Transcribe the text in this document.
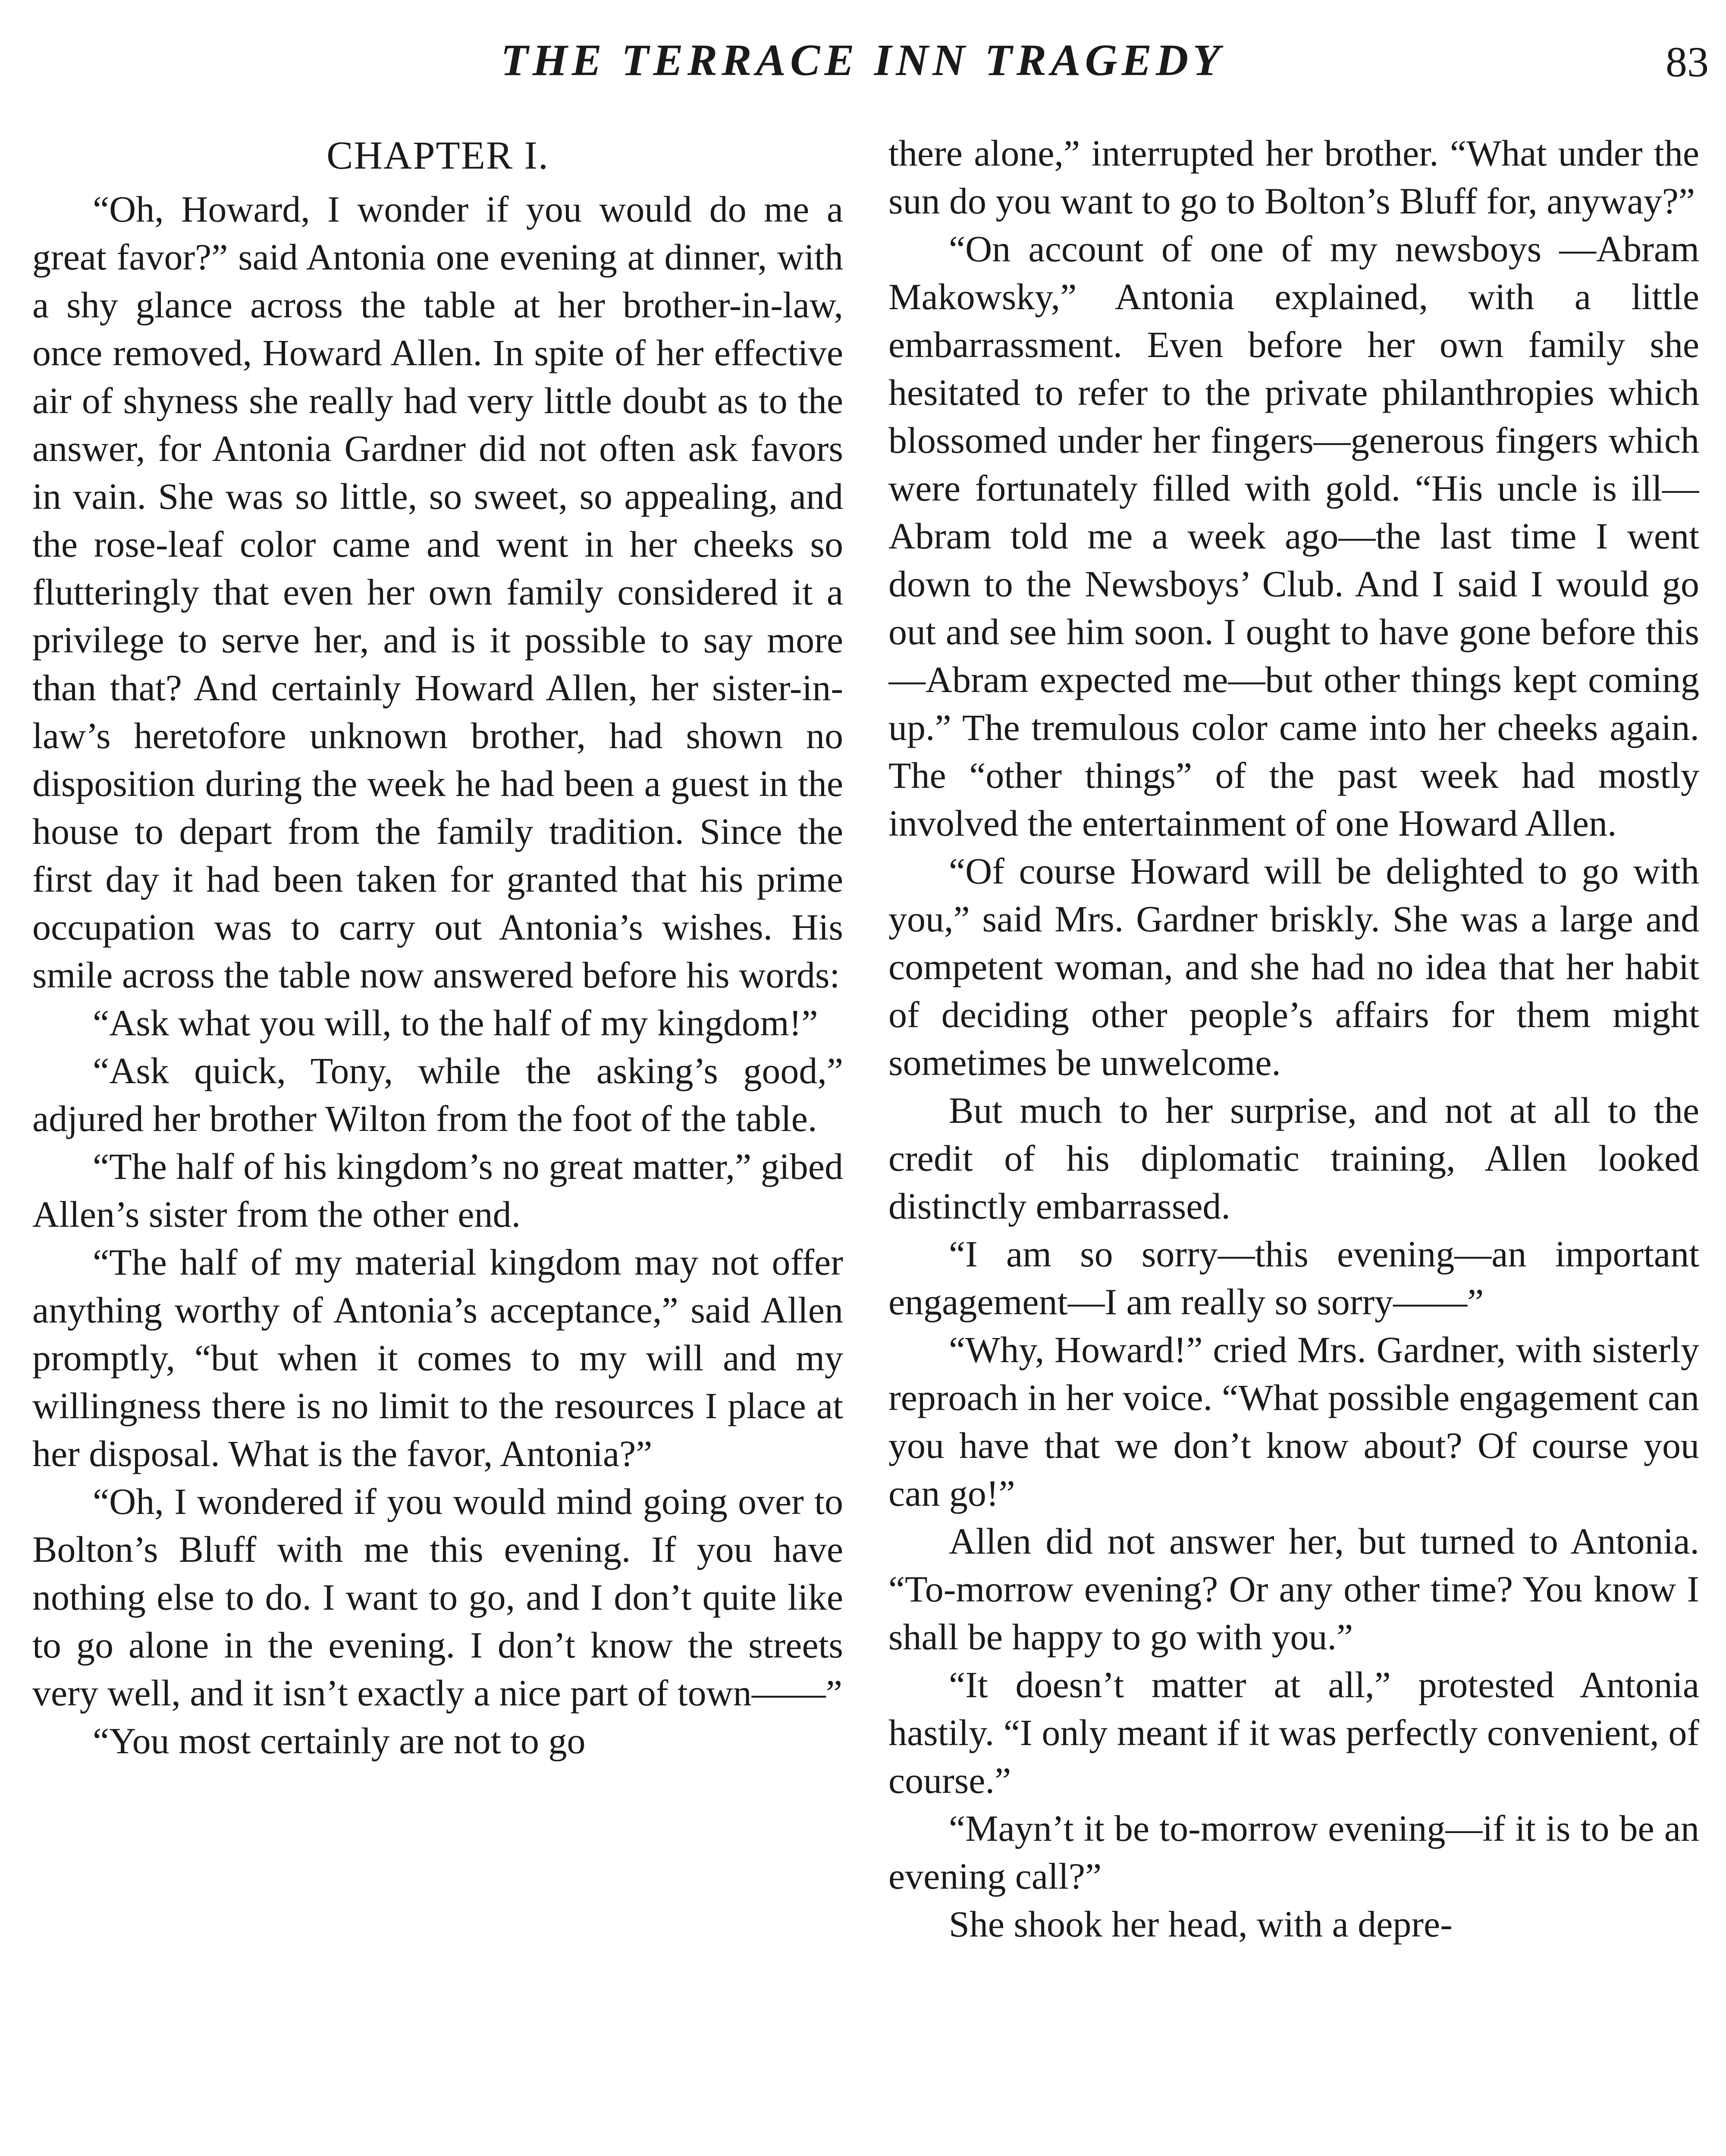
THE TERRACE INN TRAGEDY	83
CHAPTER I.

“Oh, Howard, I wonder if you would do me a great favor?” said Antonia one evening at dinner, with a shy glance across the table at her brother-in-law, once removed, Howard Allen. In spite of her effective air of shyness she really had very little doubt as to the answer, for Antonia Gardner did not often ask favors in vain. She was so little, so sweet, so appealing, and the rose-leaf color came and went in her cheeks so flutteringly that even her own family considered it a privilege to serve her, and is it possible to say more than that? And certainly Howard Allen, her sister-in-law’s heretofore unknown brother, had shown no disposition during the week he had been a guest in the house to depart from the family tradition. Since the first day it had been taken for granted that his prime occupation was to carry out Antonia’s wishes. His smile across the table now answered before his words:

“Ask what you will, to the half of my kingdom!”

“Ask quick, Tony, while the asking’s good,” adjured her brother Wilton from the foot of the table.

“The half of his kingdom’s no great matter,” gibed Allen’s sister from the other end.

“The half of my material kingdom may not offer anything worthy of Antonia’s acceptance,” said Allen promptly, “but when it comes to my will and my willingness there is no limit to the resources I place at her disposal. What is the favor, Antonia?”

“Oh, I wondered if you would mind going over to Bolton’s Bluff with me this evening. If you have nothing else to do. I want to go, and I don’t quite like to go alone in the evening. I don’t know the streets very well, and it isn’t exactly a nice part of town——”

“You most certainly are not to go

there alone,” interrupted her brother. “What under the sun do you want to go to Bolton’s Bluff for, anyway?”

“On account of one of my newsboys —Abram Makowsky,” Antonia explained, with a little embarrassment. Even before her own family she hesitated to refer to the private philanthropies which blossomed under her fingers—generous fingers which were fortunately filled with gold. “His uncle is ill—Abram told me a week ago—the last time I went down to the Newsboys’ Club. And I said I would go out and see him soon. I ought to have gone before this—Abram expected me—but other things kept coming up.” The tremulous color came into her cheeks again. The “other things” of the past week had mostly involved the entertainment of one Howard Allen.

“Of course Howard will be delighted to go with you,” said Mrs. Gardner briskly. She was a large and competent woman, and she had no idea that her habit of deciding other people’s affairs for them might sometimes be unwelcome.

But much to her surprise, and not at all to the credit of his diplomatic training, Allen looked distinctly embarrassed.

“I am so sorry—this evening—an important engagement—I am really so sorry——”

“Why, Howard!” cried Mrs. Gardner, with sisterly reproach in her voice. “What possible engagement can you have that we don’t know about? Of course you can go!”

Allen did not answer her, but turned to Antonia. “To-morrow evening? Or any other time? You know I shall be happy to go with you.”

“It doesn’t matter at all,” protested Antonia hastily. “I only meant if it was perfectly convenient, of course.”

“Mayn’t it be to-morrow evening—if it is to be an evening call?”

She shook her head, with a depre-
